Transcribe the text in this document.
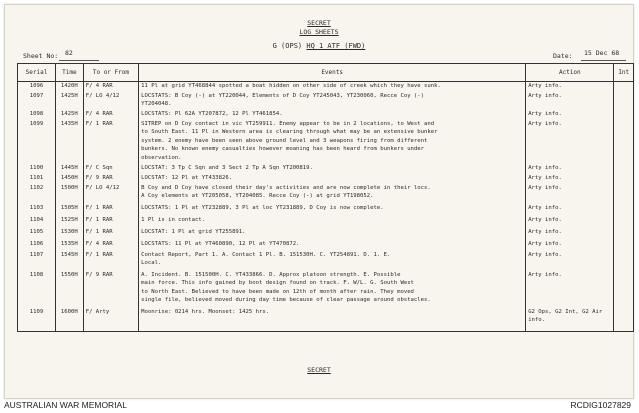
SECRET
LOG SHEETS
G (OPS) HQ 1 ATF (FWD)
Sheet No: 82	Date: 15 Dec 68
SECRET
Serial	Time	To or From	Events	Action	Int
1096	1420H	F/ 4 RAR	11 Pl at grid YT468844 spotted a boat hidden on other side of creek which they have sunk.	Arty info.	
1097	1425H	F/ LO 4/12	LOCSTATS: B Coy (-) at YT220044, Elements of D Coy YT245043, YT230060, Recce Coy (-)
YT204048.	Arty info.	
1098	1425H	F/ 4 RAR	LOCSTATS: Pl 62A YT207872, 12 Pl YT461854.	Arty info.	
1099	1435H	F/ 1 RAR	SITREP on D Coy contact in vic YT259911. Enemy appear to be in 2 locations, to West and
to South East. 11 Pl in Western area is clearing through what may be an extensive bunker
system. 2 enemy have been seen above ground level and 3 weapons firing from different
bunkers. No known enemy casualties however moaning has been heard from bunkers under
observation.	Arty info.	
1100	1445H	F/ C Sqn	LOCSTAT: 3 Tp C Sqn and 3 Sect 2 Tp A Sqn YT200819.	Arty info.	
1101	1450H	F/ 9 RAR	LOCSTAT: 12 Pl at YT433826.	Arty info.	
1102	1500H	F/ LO 4/12	B Coy and D Coy have closed their day's activities and are now complete in their locs.
A Coy elements at YT205058, YT204085. Recce Coy (-) at grid YT198052.	Arty info.	
1103	1505H	F/ 1 RAR	LOCSTATS: 1 Pl at YT232889, 3 Pl at loc YT231889, D Coy is now complete.	Arty info.	
1104	1525H	F/ 1 RAR	1 Pl is in contact.	Arty info.	
1105	1530H	F/ 1 RAR	LOCSTAT: 1 Pl at grid YT255891.	Arty info.	
1106	1535H	F/ 4 RAR	LOCSTATS: 11 Pl at YT460890, 12 Pl at YT470872.	Arty info.	
1107	1545H	F/ 1 RAR	Contact Report, Part 1. A. Contact 1 Pl. B. 151530H. C. YT254891. D. 1. E.
Local.	Arty info.	
1108	1550H	F/ 9 RAR	A. Incident. B. 151500H. C. YT433866. D. Approx platoon strength. E. Possible
main force. This info gained by boot design found on track. F. W/L. G. South West
to North East. Believed to have been made on 12th of month after rain. They moved
single file, believed moved during day time because of clear passage around obstacles.	Arty info.	
1109	1600H	F/ Arty	Moonrise: 0214 hrs. Moonset: 1425 hrs.	G2 Ops, G2 Int, G2 Air
info.	
AUSTRALIAN WAR MEMORIAL	RCDIG1027829
